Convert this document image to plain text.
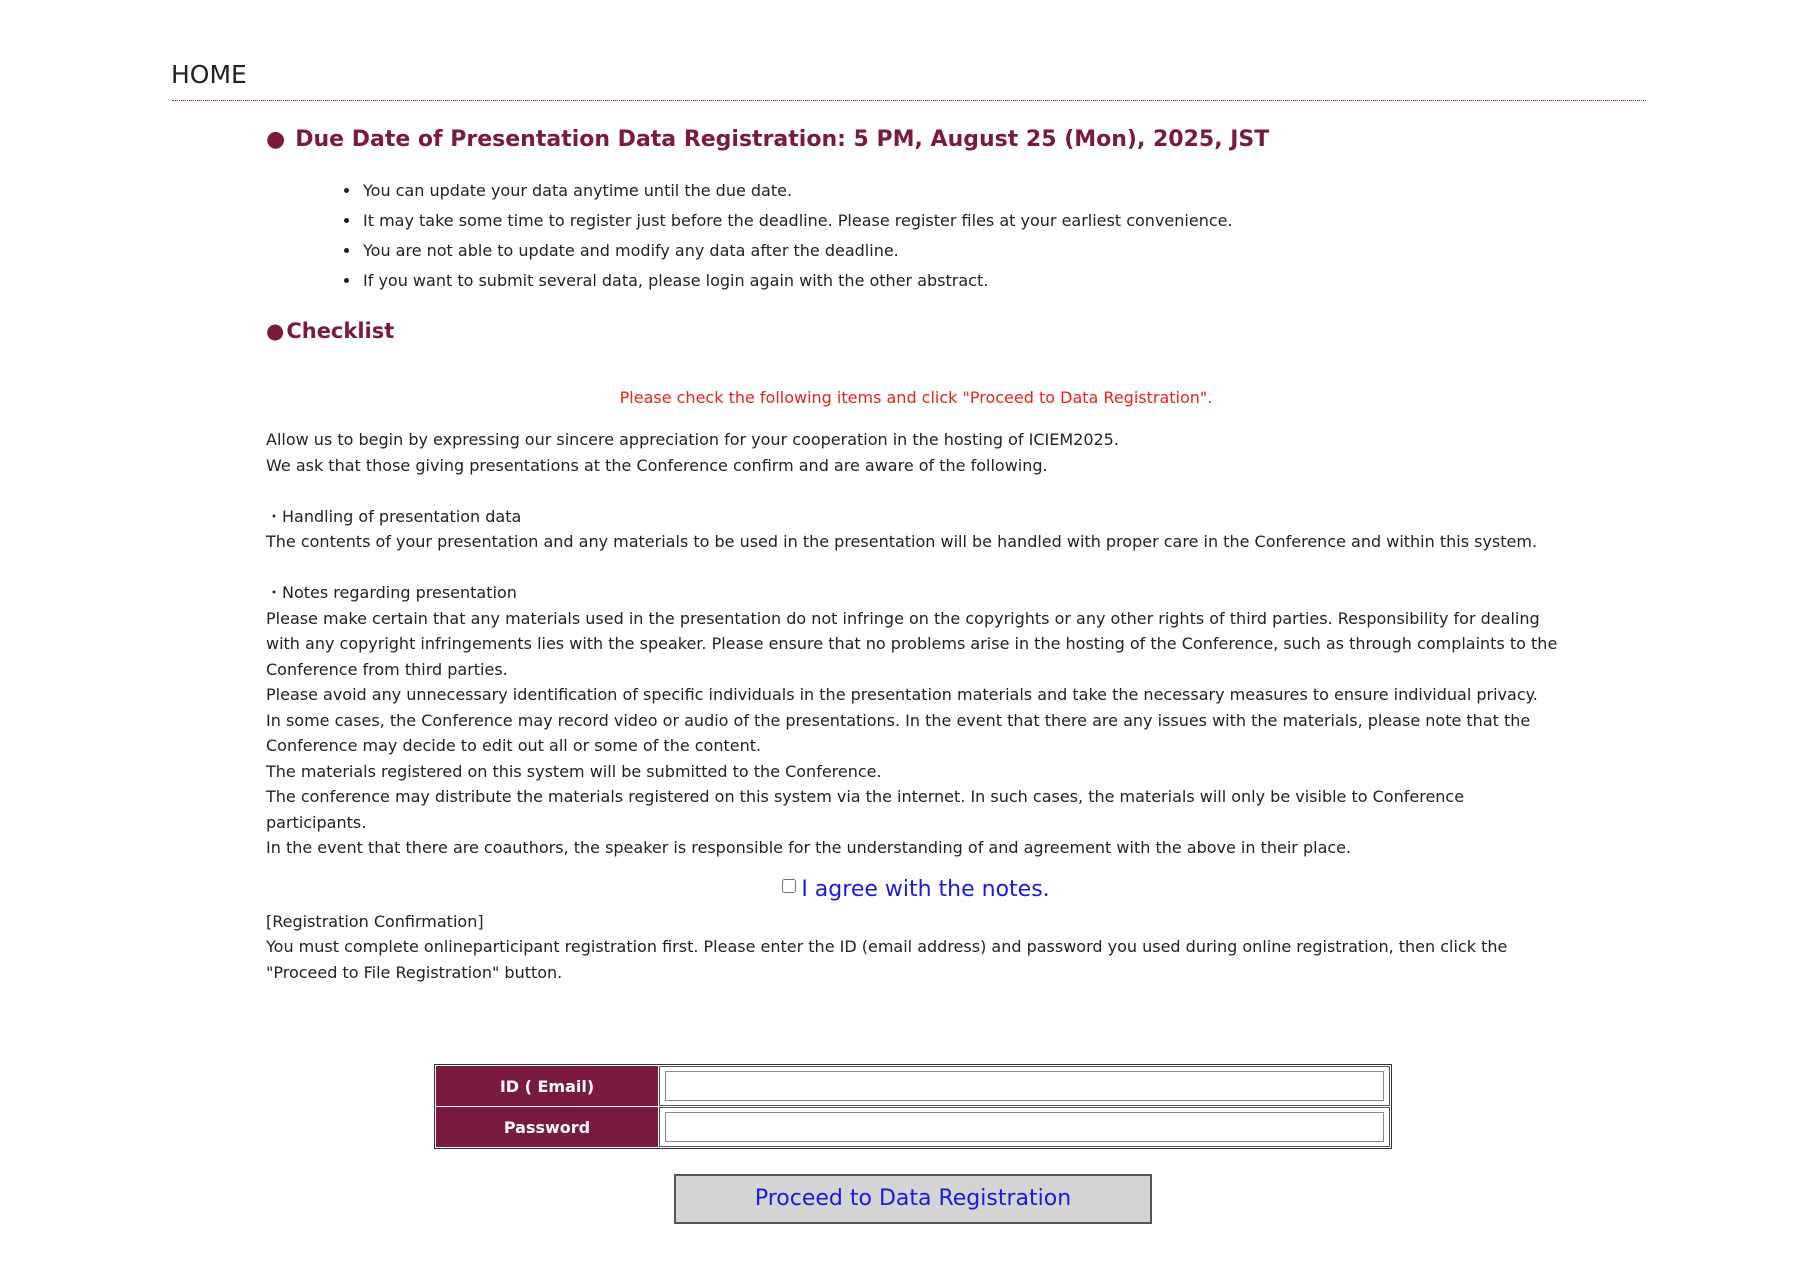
HOME
● Due Date of Presentation Data Registration: 5 PM, August 25 (Mon), 2025, JST
• You can update your data anytime until the due date.
• It may take some time to register just before the deadline. Please register files at your earliest convenience.
• You are not able to update and modify any data after the deadline.
• If you want to submit several data, please login again with the other abstract.
●Checklist
Please check the following items and click "Proceed to Data Registration".

Allow us to begin by expressing our sincere appreciation for your cooperation in the hosting of ICIEM2025.

We ask that those giving presentations at the Conference confirm and are aware of the following.

・Handling of presentation data

The contents of your presentation and any materials to be used in the presentation will be handled with proper care in the Conference and within this system.

・Notes regarding presentation

Please make certain that any materials used in the presentation do not infringe on the copyrights or any other rights of third parties. Responsibility for dealing with any copyright infringements lies with the speaker. Please ensure that no problems arise in the hosting of the Conference, such as through complaints to the Conference from third parties.

Please avoid any unnecessary identification of specific individuals in the presentation materials and take the necessary measures to ensure individual privacy.

In some cases, the Conference may record video or audio of the presentations. In the event that there are any issues with the materials, please note that the Conference may decide to edit out all or some of the content.

The materials registered on this system will be submitted to the Conference.

The conference may distribute the materials registered on this system via the internet. In such cases, the materials will only be visible to Conference participants.

In the event that there are coauthors, the speaker is responsible for the understanding of and agreement with the above in their place.

I agree with the notes.

[Registration Confirmation]

You must complete onlineparticipant registration first. Please enter the ID (email address) and password you used during online registration, then click the "Proceed to File Registration" button.

ID ( Email)	
Password	
Proceed to Data Registration
